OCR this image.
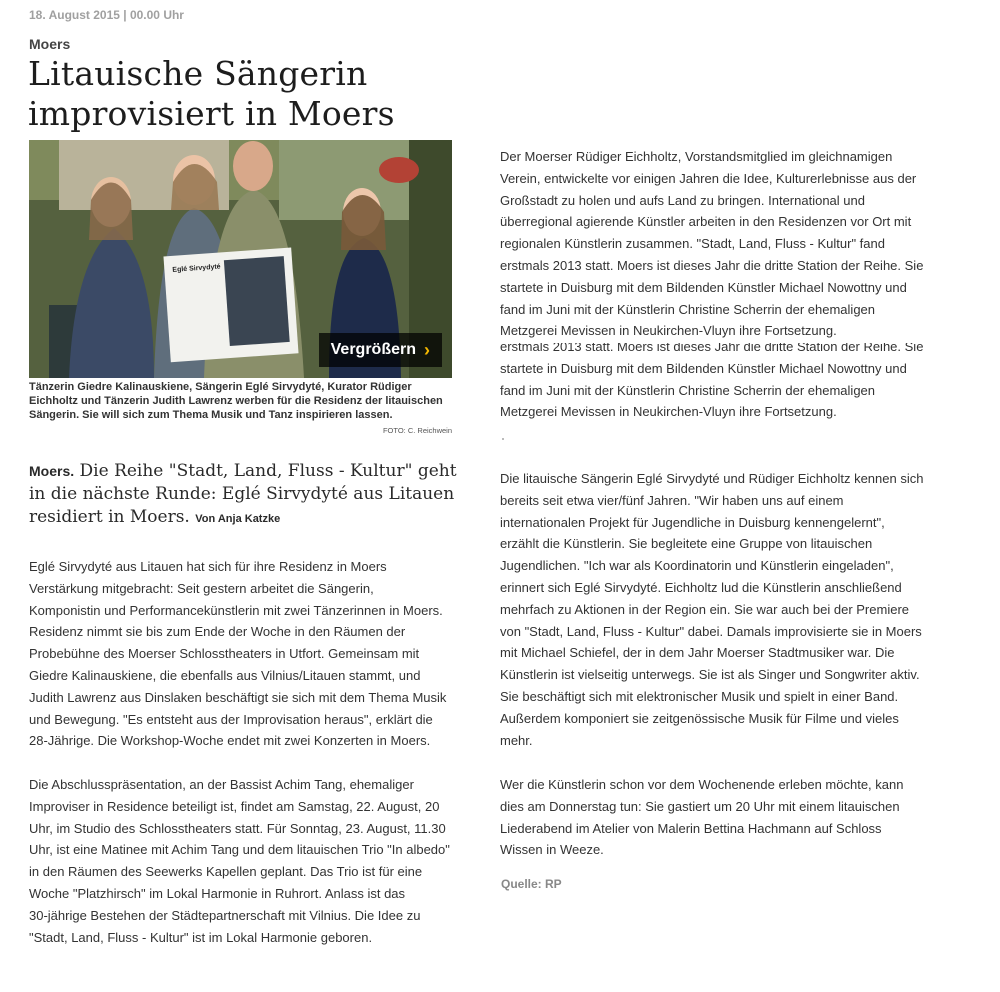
18. August 2015 | 00.00 Uhr
Moers
Litauische Sängerin
improvisiert in Moers
Eglé Sirvydyté
Vergrößern ›
Tänzerin Giedre Kalinauskiene, Sängerin Eglé Sirvydyté, Kurator Rüdiger
Eichholtz und Tänzerin Judith Lawrenz werben für die Residenz der litauischen
Sängerin. Sie will sich zum Thema Musik und Tanz inspirieren lassen.
FOTO: C. Reichwein
Moers. Die Reihe "Stadt, Land, Fluss - Kultur" geht
in die nächste Runde: Eglé Sirvydyté aus Litauen
residiert in Moers. Von Anja Katzke
Eglé Sirvydyté aus Litauen hat sich für ihre Residenz in Moers
Verstärkung mitgebracht: Seit gestern arbeitet die Sängerin,
Komponistin und Performancekünstlerin mit zwei Tänzerinnen in Moers.
Residenz nimmt sie bis zum Ende der Woche in den Räumen der
Probebühne des Moerser Schlosstheaters in Utfort. Gemeinsam mit
Giedre Kalinauskiene, die ebenfalls aus Vilnius/Litauen stammt, und
Judith Lawrenz aus Dinslaken beschäftigt sie sich mit dem Thema Musik
und Bewegung. "Es entsteht aus der Improvisation heraus", erklärt die
28-Jährige. Die Workshop-Woche endet mit zwei Konzerten in Moers.
Die Abschlusspräsentation, an der Bassist Achim Tang, ehemaliger
Improviser in Residence beteiligt ist, findet am Samstag, 22. August, 20
Uhr, im Studio des Schlosstheaters statt. Für Sonntag, 23. August, 11.30
Uhr, ist eine Matinee mit Achim Tang und dem litauischen Trio "In albedo"
in den Räumen des Seewerks Kapellen geplant. Das Trio ist für eine
Woche "Platzhirsch" im Lokal Harmonie in Ruhrort. Anlass ist das
30-jährige Bestehen der Städtepartnerschaft mit Vilnius. Die Idee zu
"Stadt, Land, Fluss - Kultur" ist im Lokal Harmonie geboren.
Der Moerser Rüdiger Eichholtz, Vorstandsmitglied im gleichnamigen
Verein, entwickelte vor einigen Jahren die Idee, Kulturerlebnisse aus der
Großstadt zu holen und aufs Land zu bringen. International und
überregional agierende Künstler arbeiten in den Residenzen vor Ort mit
regionalen Künstlerin zusammen. "Stadt, Land, Fluss - Kultur" fand
erstmals 2013 statt. Moers ist dieses Jahr die dritte Station der Reihe. Sie
startete in Duisburg mit dem Bildenden Künstler Michael Nowottny und
fand im Juni mit der Künstlerin Christine Scherrin der ehemaligen
Metzgerei Mevissen in Neukirchen-Vluyn ihre Fortsetzung.
erstmals 2013 statt. Moers ist dieses Jahr die dritte Station der Reihe. Sie
startete in Duisburg mit dem Bildenden Künstler Michael Nowottny und
fand im Juni mit der Künstlerin Christine Scherrin der ehemaligen
Metzgerei Mevissen in Neukirchen-Vluyn ihre Fortsetzung.
Die litauische Sängerin Eglé Sirvydyté und Rüdiger Eichholtz kennen sich
bereits seit etwa vier/fünf Jahren. "Wir haben uns auf einem
internationalen Projekt für Jugendliche in Duisburg kennengelernt",
erzählt die Künstlerin. Sie begleitete eine Gruppe von litauischen
Jugendlichen. "Ich war als Koordinatorin und Künstlerin eingeladen",
erinnert sich Eglé Sirvydyté. Eichholtz lud die Künstlerin anschließend
mehrfach zu Aktionen in der Region ein. Sie war auch bei der Premiere
von "Stadt, Land, Fluss - Kultur" dabei. Damals improvisierte sie in Moers
mit Michael Schiefel, der in dem Jahr Moerser Stadtmusiker war. Die
Künstlerin ist vielseitig unterwegs. Sie ist als Singer und Songwriter aktiv.
Sie beschäftigt sich mit elektronischer Musik und spielt in einer Band.
Außerdem komponiert sie zeitgenössische Musik für Filme und vieles
mehr.
Wer die Künstlerin schon vor dem Wochenende erleben möchte, kann
dies am Donnerstag tun: Sie gastiert um 20 Uhr mit einem litauischen
Liederabend im Atelier von Malerin Bettina Hachmann auf Schloss
Wissen in Weeze.
Quelle: RP
